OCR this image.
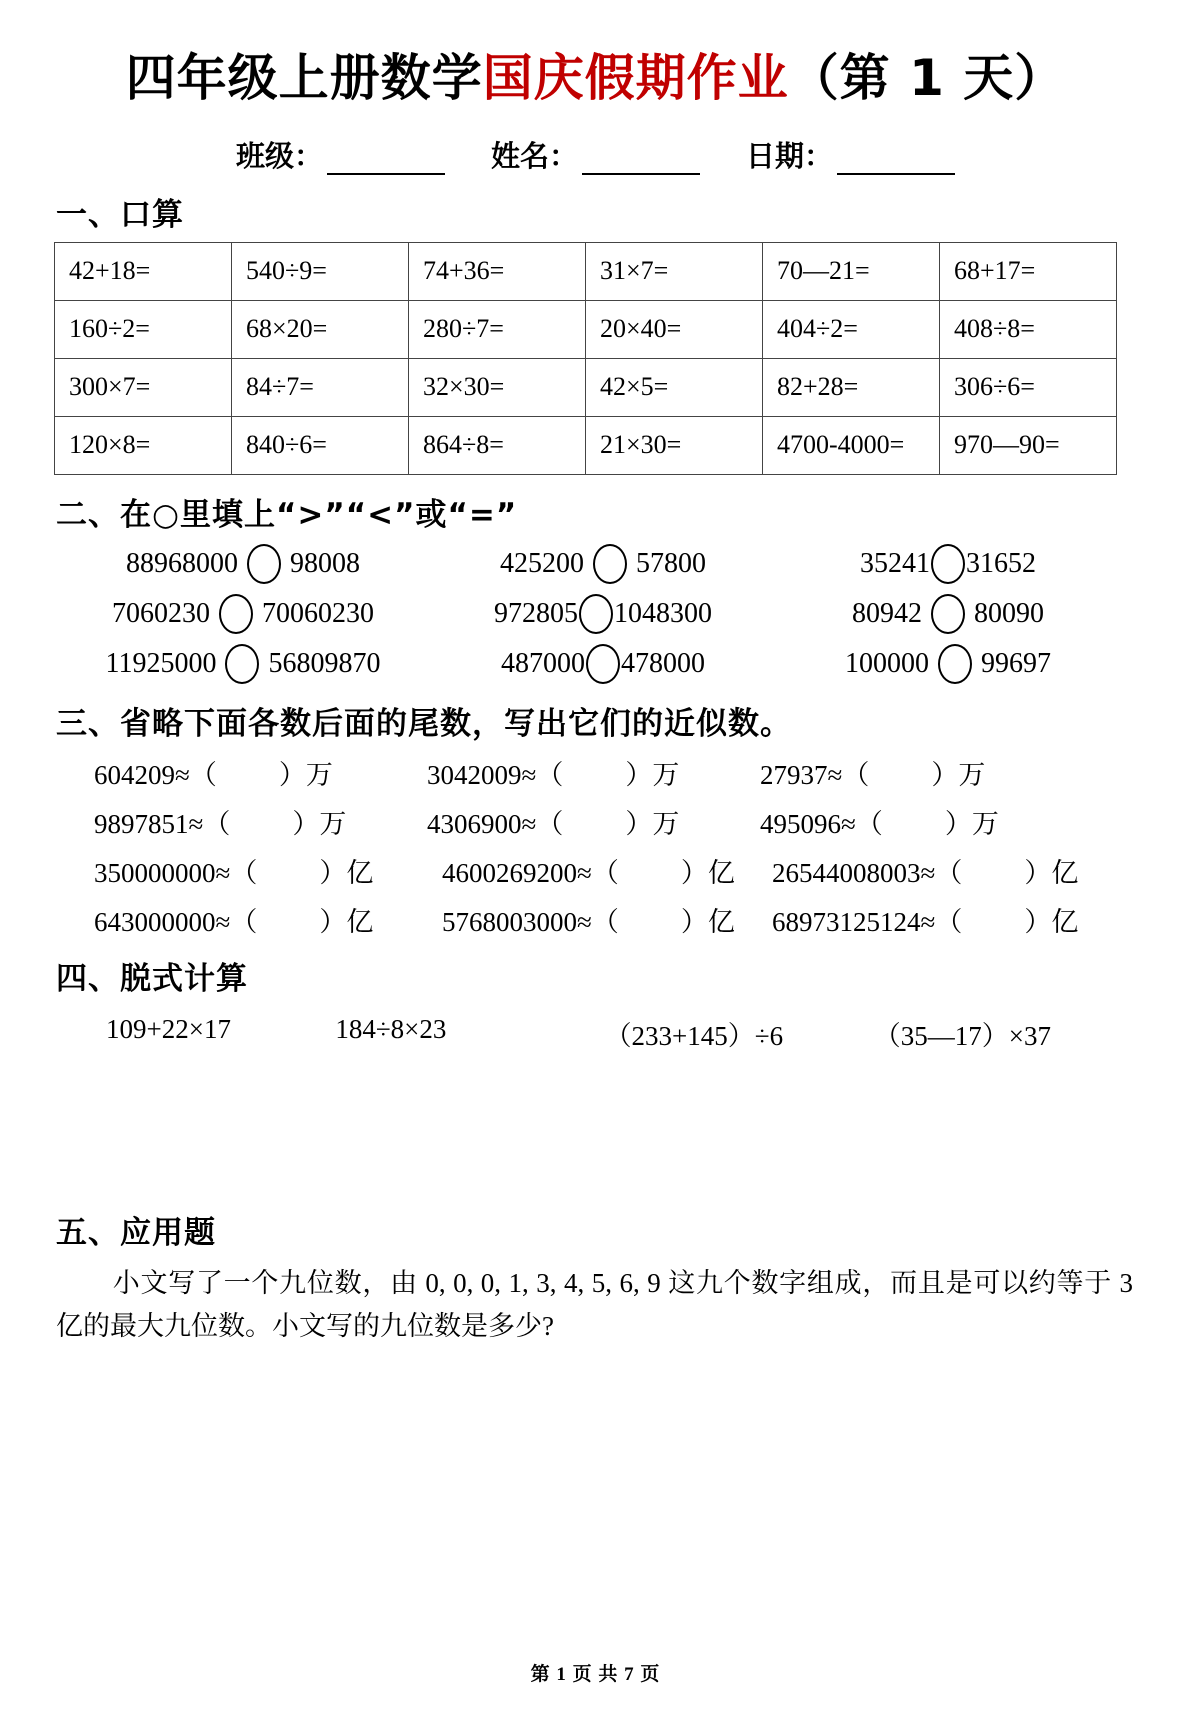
四年级上册数学国庆假期作业（第 1 天）
班级：	姓名：	日期：
一、口算
42+18=	540÷9=	74+36=	31×7=	70—21=	68+17=
160÷2=	68×20=	280÷7=	20×40=	404÷2=	408÷8=
300×7=	84÷7=	32×30=	42×5=	82+28=	306÷6=
120×8=	840÷6=	864÷8=	21×30=	4700-4000=	970—90=
二、在○里填上“>”“<”或“=”
88968000 98008	425200 57800	35241 31652
7060230 70060230	972805 1048300	80942 80090
11925000 56809870	487000 478000	100000 99697
三、省略下面各数后面的尾数，写出它们的近似数。
604209 ≈ （ ） 万	3042009 ≈ （ ） 万	27937 ≈ （ ） 万
9897851 ≈ （ ） 万	4306900 ≈ （ ） 万	495096 ≈ （ ） 万
350000000 ≈ （ ） 亿	4600269200 ≈ （ ） 亿 26544008003 ≈ （ ） 亿
643000000 ≈ （ ） 亿	5768003000 ≈ （ ） 亿 68973125124 ≈ （ ） 亿
四、脱式计算
109+22×17	184÷8×23	（233+145）÷6	（35—17）×37
五、应用题
小文写了一个九位数，由 0, 0, 0, 1, 3, 4, 5, 6, 9 这九个数字组成，而且是可以约等于 3 亿的最大九位数。小文写的九位数是多少?
第 1 页 共 7 页
